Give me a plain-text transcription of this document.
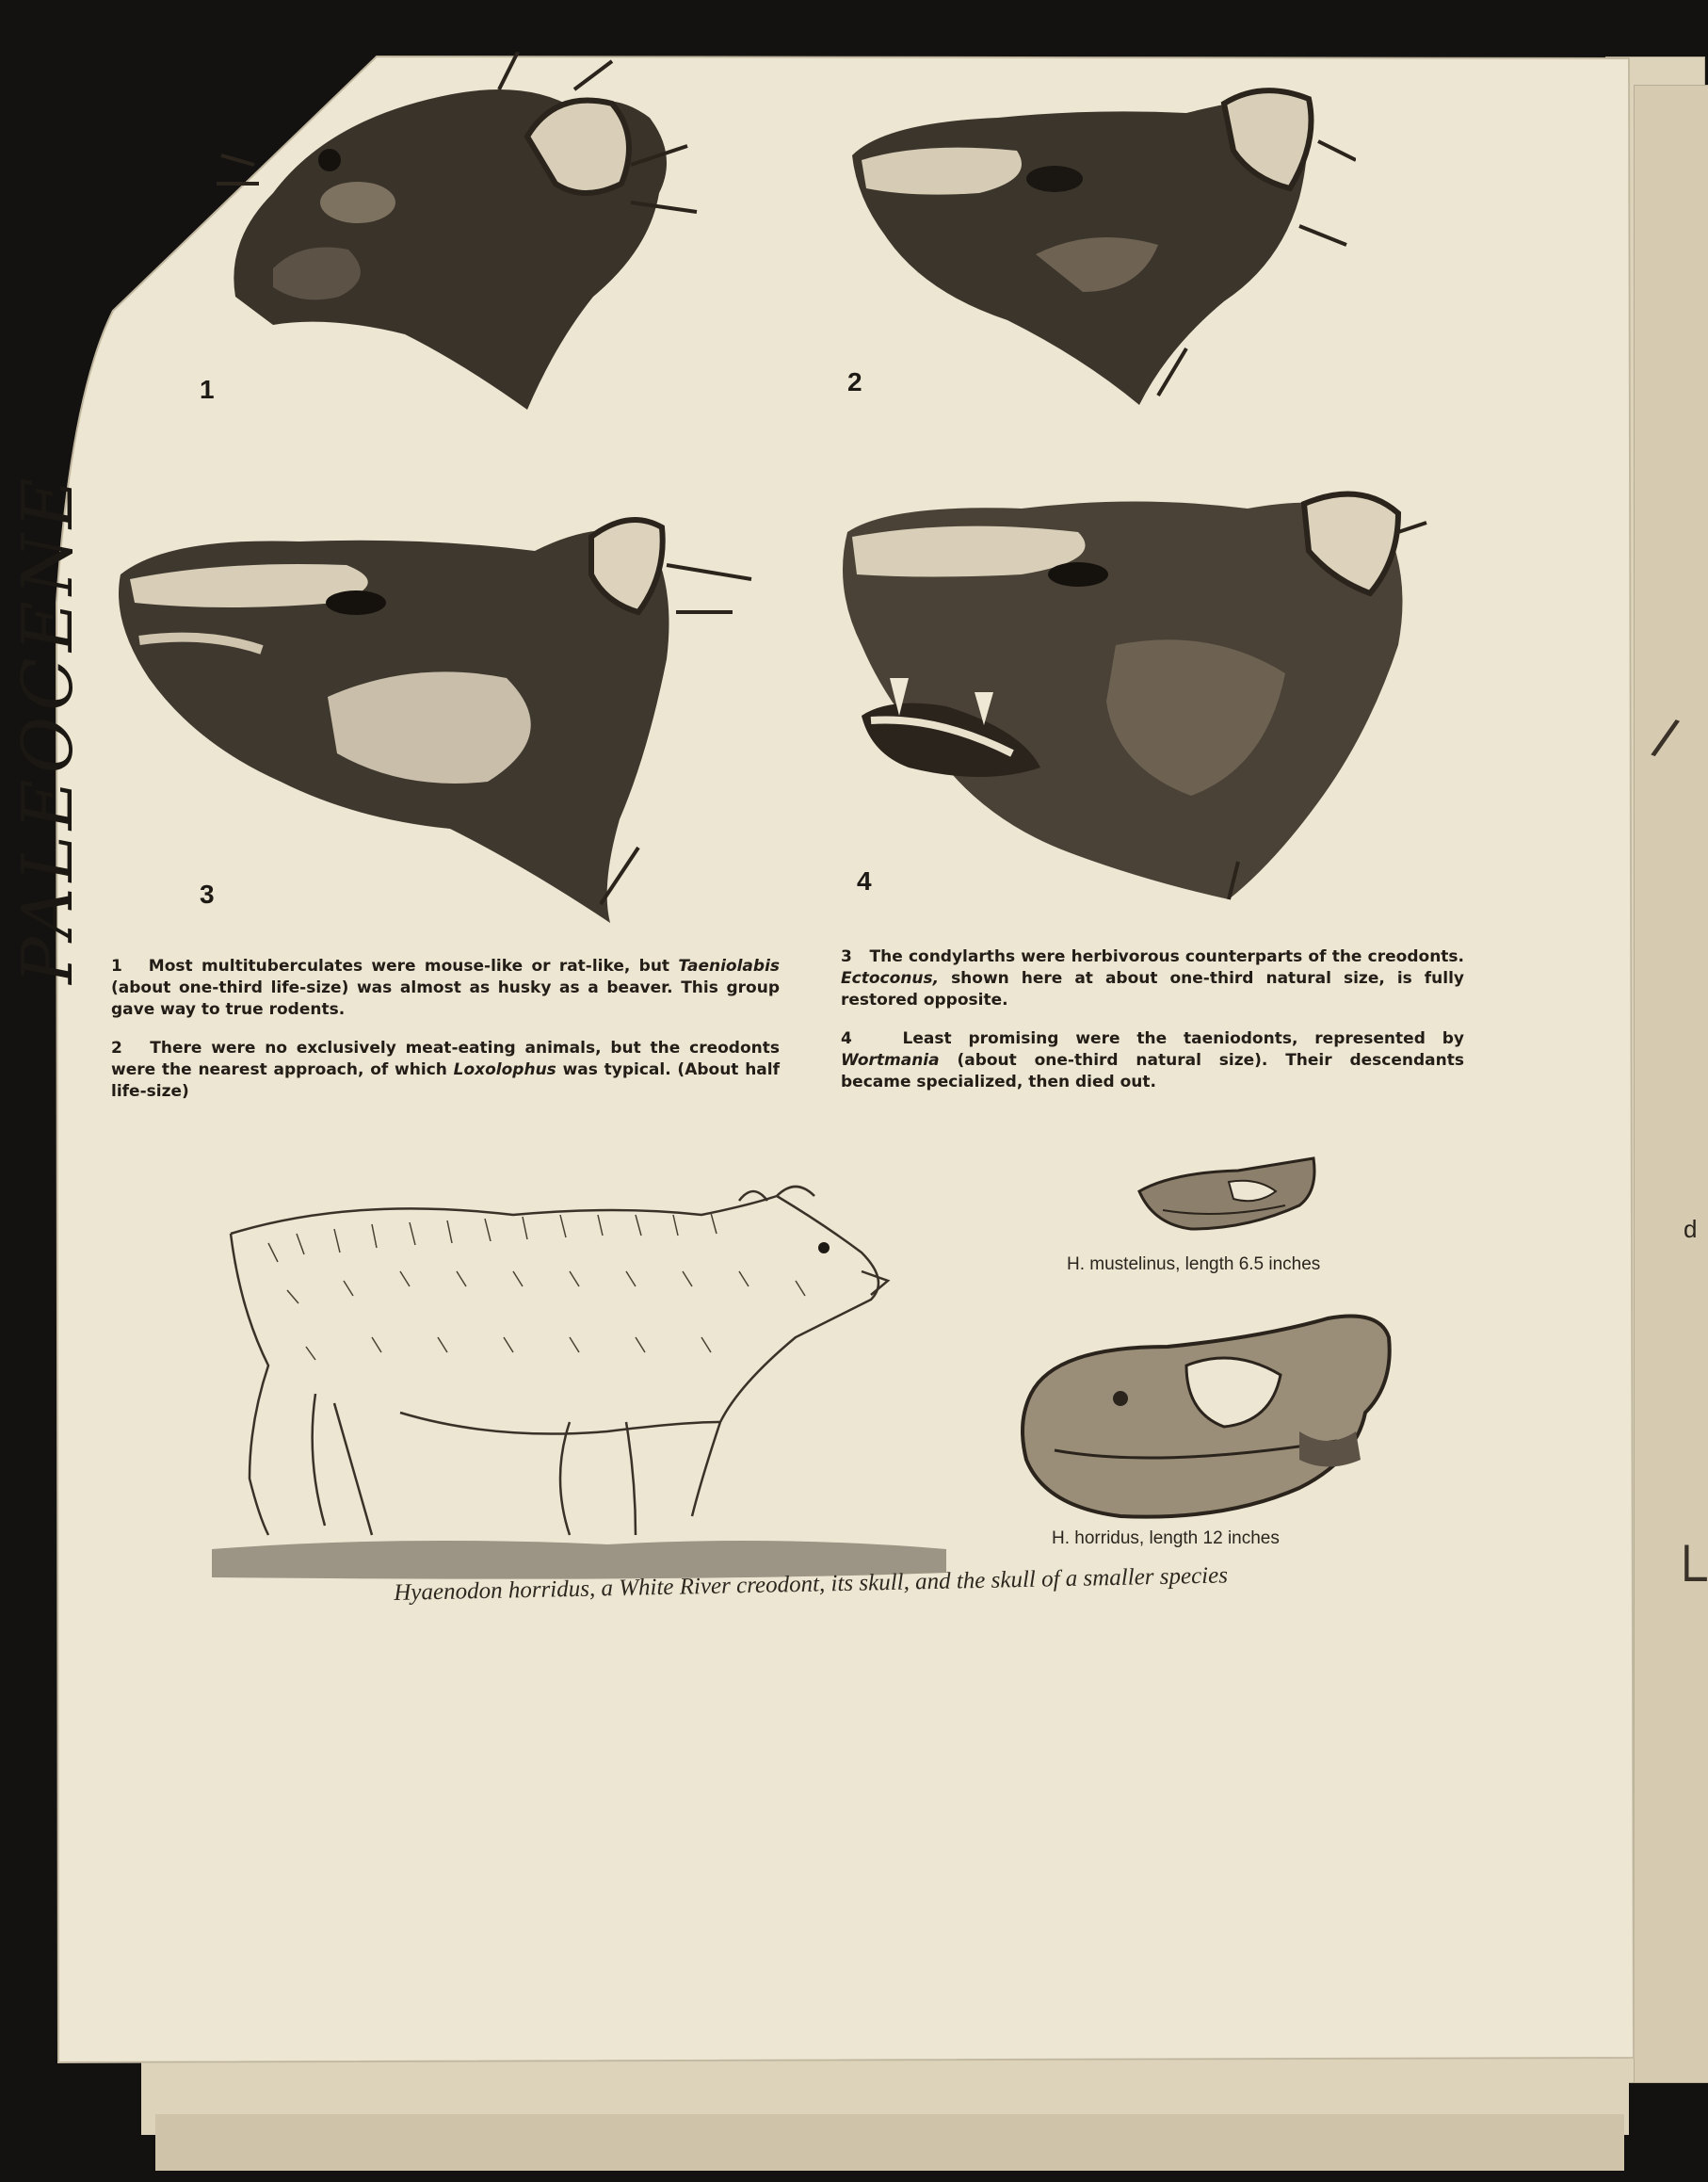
d
/
└
PALEOCENE
1	2
3	4

1 Most multituberculates were mouse-like or rat-like, but Taeniolabis (about one-third life-size) was almost as husky as a beaver. This group gave way to true rodents.

2 There were no exclusively meat-eating animals, but the creodonts were the nearest approach, of which Loxolophus was typical. (About half life-size)

3 The condylarths were herbivorous counterparts of the creodonts. Ectoconus, shown here at about one-third natural size, is fully restored opposite.

4	Least promising were the taeniodonts, represented by Wortmania (about one-third natural size). Their descendants became specialized, then died out.

H. mustelinus, length 6.5 inches
H. horridus, length 12 inches
Hyaenodon horridus, a White River creodont, its skull, and the skull of a smaller species
